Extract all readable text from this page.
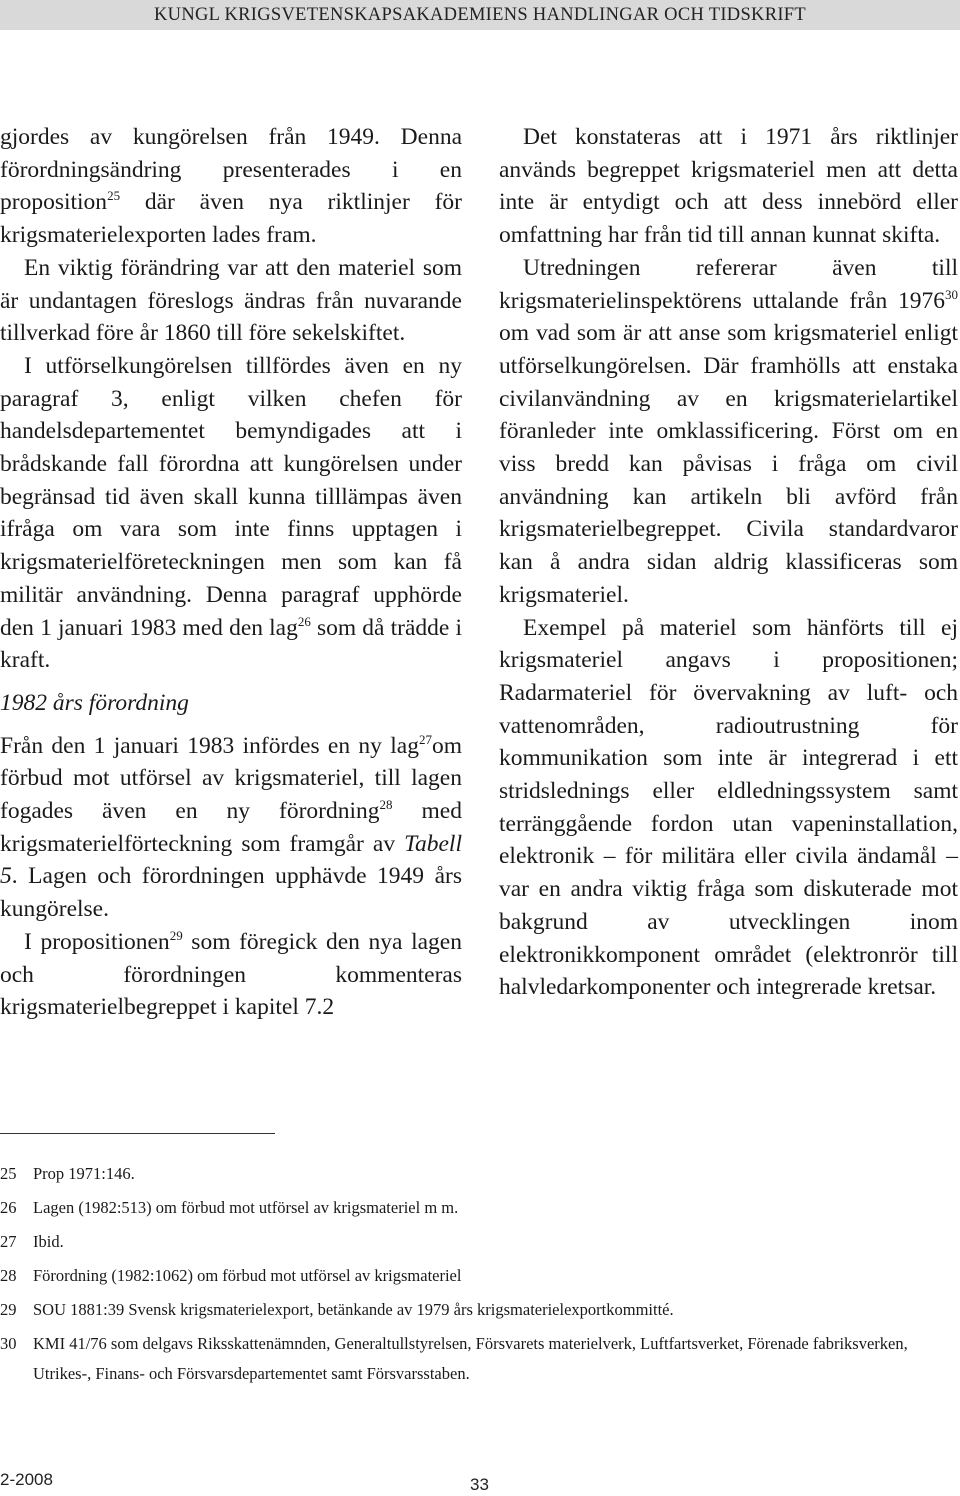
KUNGL KRIGSVETENSKAPSAKADEMIENS HANDLINGAR OCH TIDSKRIFT

gjordes av kungörelsen från 1949. Denna förordningsändring presenterades i en proposition$^{25}$ där även nya riktlinjer för krigsmaterielexporten lades fram.

En viktig förändring var att den materiel som är undantagen föreslogs ändras från nuvarande tillverkad före år 1860 till före sekelskiftet.

I utförselkungörelsen tillfördes även en ny paragraf 3, enligt vilken chefen för handelsdepartementet bemyndigades att i brådskande fall förordna att kungörelsen under begränsad tid även skall kunna tilllämpas även ifråga om vara som inte finns upptagen i krigsmaterielföreteckningen men som kan få militär användning. Denna paragraf upphörde den 1 januari 1983 med den lag$^{26}$ som då trädde i kraft.

1982 års förordning

Från den 1 januari 1983 infördes en ny lag$^{27}$om förbud mot utförsel av krigsmateriel, till lagen fogades även en ny förordning$^{28}$ med krigsmaterielförteckning som framgår av Tabell 5. Lagen och förordningen upphävde 1949 års kungörelse.

I propositionen$^{29}$ som föregick den nya lagen och förordningen kommenteras krigsmaterielbegreppet i kapitel 7.2

Det konstateras att i 1971 års riktlinjer används begreppet krigsmateriel men att detta inte är entydigt och att dess innebörd eller omfattning har från tid till annan kunnat skifta.

Utredningen refererar även till krigsmaterielinspektörens uttalande från 1976$^{30}$ om vad som är att anse som krigsmateriel enligt utförselkungörelsen. Där framhölls att enstaka civilanvändning av en krigsmaterielartikel föranleder inte omklassificering. Först om en viss bredd kan påvisas i fråga om civil användning kan artikeln bli avförd från krigsmaterielbegreppet. Civila standardvaror kan å andra sidan aldrig klassificeras som krigsmateriel.

Exempel på materiel som hänförts till ej krigsmateriel angavs i propositionen; Radarmateriel för övervakning av luft- och vattenområden, radioutrustning för kommunikation som inte är integrerad i ett stridslednings eller eldledningssystem samt terränggående fordon utan vapeninstallation, elektronik – för militära eller civila ändamål – var en andra viktig fråga som diskuterade mot bakgrund av utvecklingen inom elektronikkomponent området (elektronrör till halvledarkomponenter och integrerade kretsar.

25	Prop 1971:146.
26	Lagen (1982:513) om förbud mot utförsel av krigsmateriel m m.
27	Ibid.
28	Förordning (1982:1062) om förbud mot utförsel av krigsmateriel
29	SOU 1881:39 Svensk krigsmaterielexport, betänkande av 1979 års krigsmaterielexportkommitté.
30	KMI 41/76 som delgavs Riksskattenämnden, Generaltullstyrelsen, Försvarets materielverk, Luftfartsverket, Förenade fabriksverken, Utrikes-, Finans- och Försvarsdepartementet samt Försvarsstaben.
2-2008	33
